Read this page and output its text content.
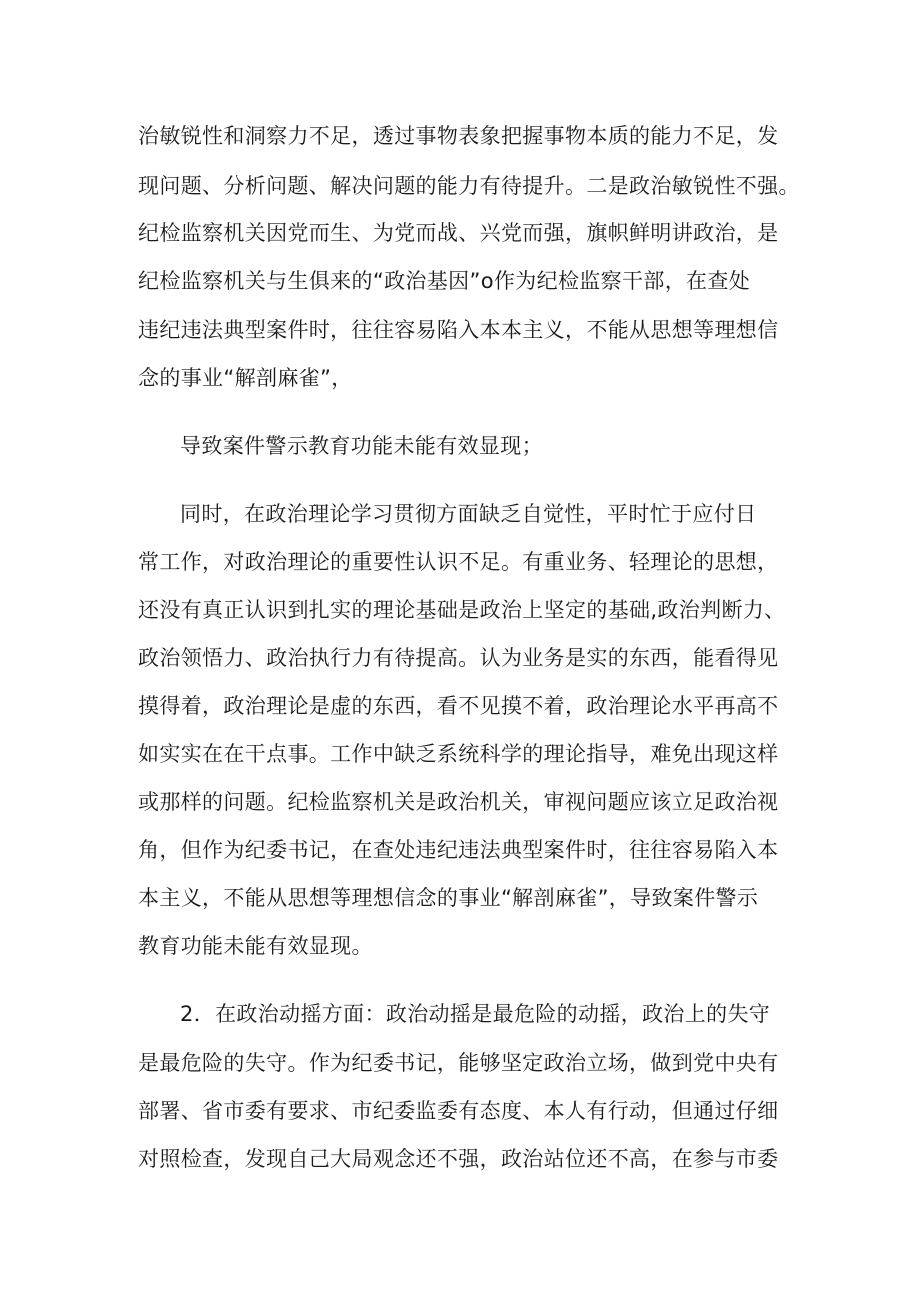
治敏锐性和洞察力不足，透过事物表象把握事物本质的能力不足，发
现问题、分析问题、解决问题的能力有待提升。二是政治敏锐性不强。
纪检监察机关因党而生、为党而战、兴党而强，旗帜鲜明讲政治，是
纪检监察机关与生俱来的“政治基因”o作为纪检监察干部，在查处
违纪违法典型案件时，往往容易陷入本本主义，不能从思想等理想信
念的事业“解剖麻雀”，
导致案件警示教育功能未能有效显现；
同时，在政治理论学习贯彻方面缺乏自觉性，平时忙于应付日
常工作，对政治理论的重要性认识不足。有重业务、轻理论的思想，
还没有真正认识到扎实的理论基础是政治上坚定的基础,政治判断力、
政治领悟力、政治执行力有待提高。认为业务是实的东西，能看得见
摸得着，政治理论是虚的东西，看不见摸不着，政治理论水平再高不
如实实在在干点事。工作中缺乏系统科学的理论指导，难免出现这样
或那样的问题。纪检监察机关是政治机关，审视问题应该立足政治视
角，但作为纪委书记，在查处违纪违法典型案件时，往往容易陷入本
本主义，不能从思想等理想信念的事业“解剖麻雀”，导致案件警示
教育功能未能有效显现。
2．在政治动摇方面：政治动摇是最危险的动摇，政治上的失守
是最危险的失守。作为纪委书记，能够坚定政治立场，做到党中央有
部署、省市委有要求、市纪委监委有态度、本人有行动，但通过仔细
对照检查，发现自己大局观念还不强，政治站位还不高，在参与市委
